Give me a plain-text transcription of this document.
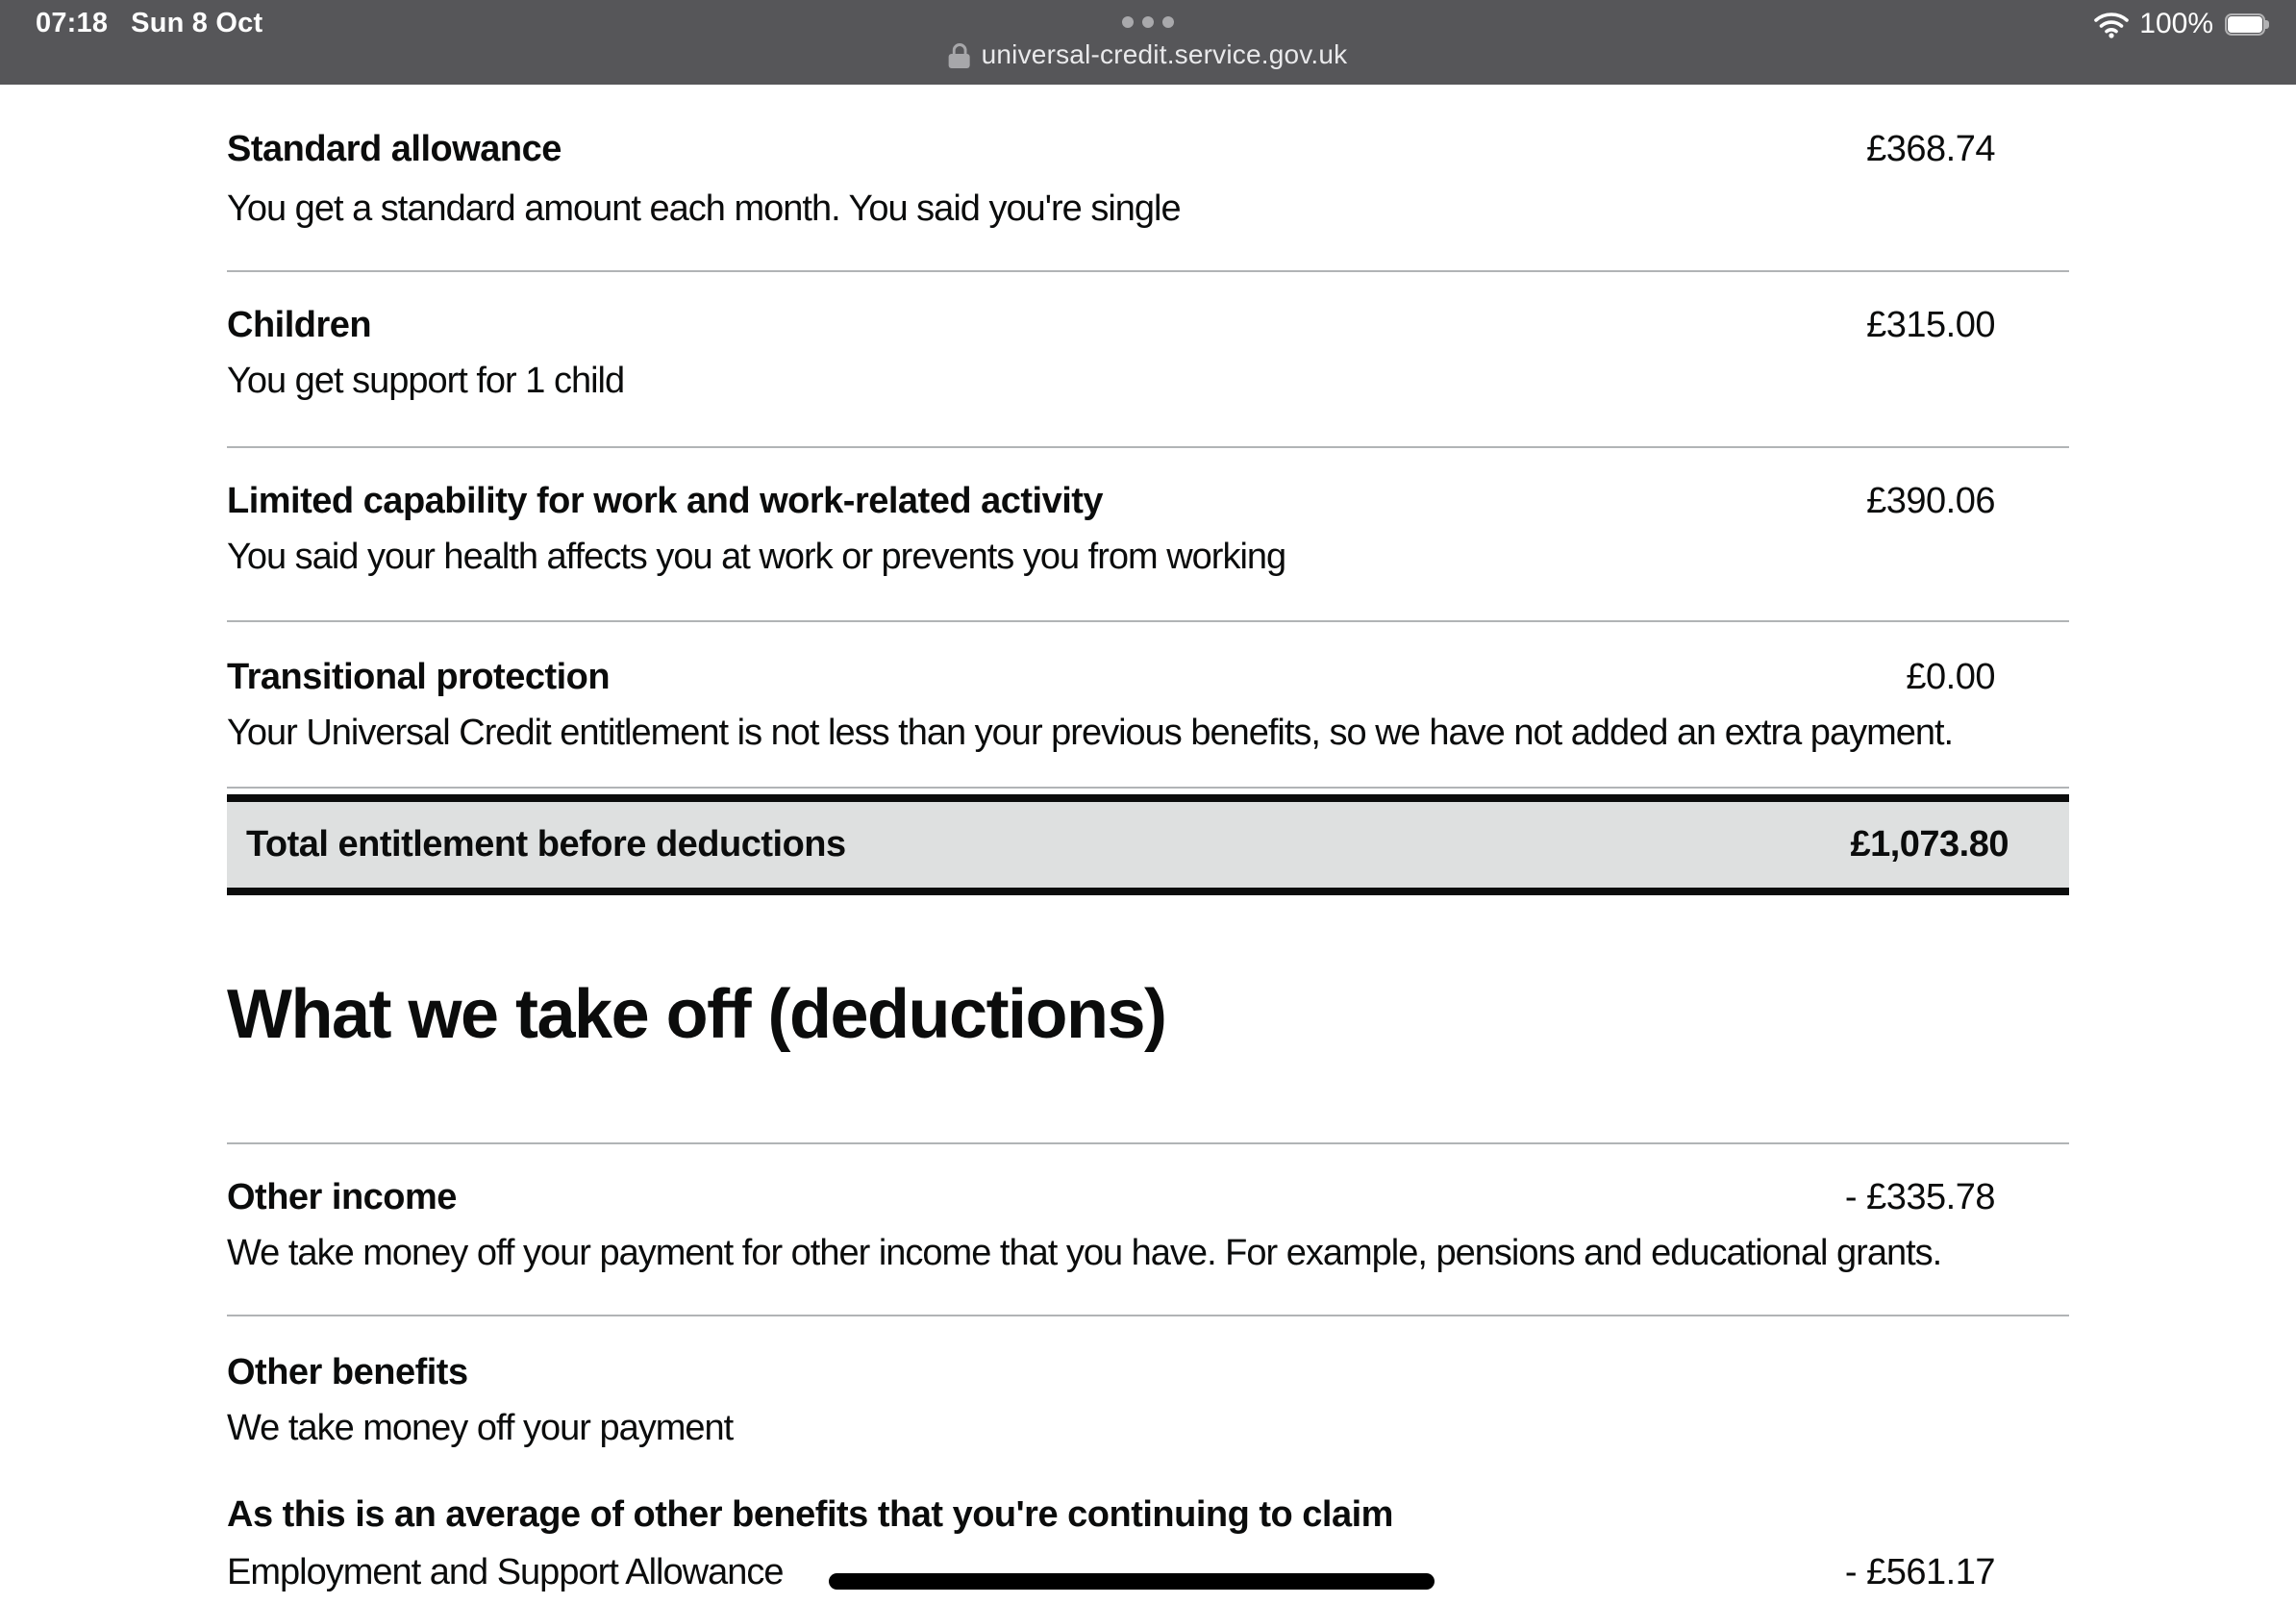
07:18 Sun 8 Oct
universal-credit.service.gov.uk
100%
Standard allowance	£368.74
You get a standard amount each month. You said you're single
Children	£315.00
You get support for 1 child
Limited capability for work and work-related activity	£390.06
You said your health affects you at work or prevents you from working
Transitional protection	£0.00
Your Universal Credit entitlement is not less than your previous benefits, so we have not added an extra payment.
Total entitlement before deductions	£1,073.80
What we take off (deductions)
Other income	- £335.78
We take money off your payment for other income that you have. For example, pensions and educational grants.
Other benefits
We take money off your payment
As this is an average of other benefits that you're continuing to claim
Employment and Support Allowance	- £561.17
